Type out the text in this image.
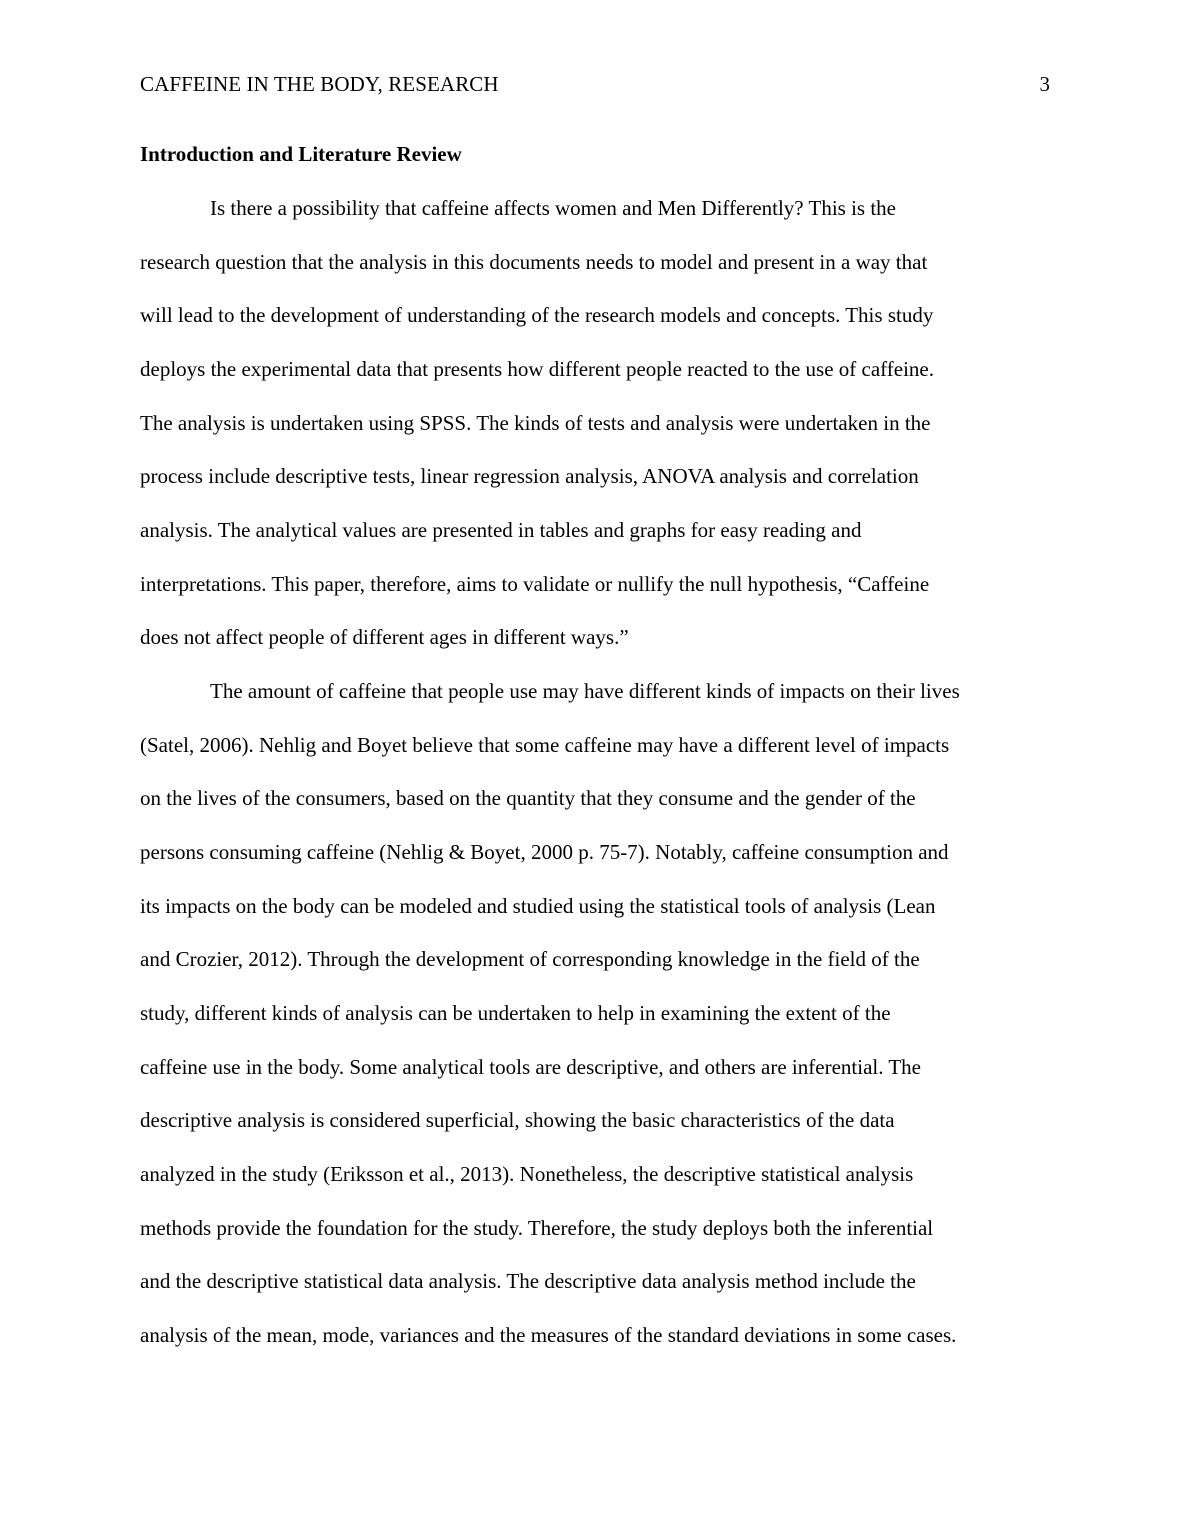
CAFFEINE IN THE BODY, RESEARCH	3
Introduction and Literature Review
Is there a possibility that caffeine affects women and Men Differently? This is the
research question that the analysis in this documents needs to model and present in a way that
will lead to the development of understanding of the research models and concepts. This study
deploys the experimental data that presents how different people reacted to the use of caffeine.
The analysis is undertaken using SPSS. The kinds of tests and analysis were undertaken in the
process include descriptive tests, linear regression analysis, ANOVA analysis and correlation
analysis. The analytical values are presented in tables and graphs for easy reading and
interpretations. This paper, therefore, aims to validate or nullify the null hypothesis, “Caffeine
does not affect people of different ages in different ways.”
The amount of caffeine that people use may have different kinds of impacts on their lives
(Satel, 2006). Nehlig and Boyet believe that some caffeine may have a different level of impacts
on the lives of the consumers, based on the quantity that they consume and the gender of the
persons consuming caffeine (Nehlig & Boyet, 2000 p. 75-7). Notably, caffeine consumption and
its impacts on the body can be modeled and studied using the statistical tools of analysis (Lean
and Crozier, 2012). Through the development of corresponding knowledge in the field of the
study, different kinds of analysis can be undertaken to help in examining the extent of the
caffeine use in the body. Some analytical tools are descriptive, and others are inferential. The
descriptive analysis is considered superficial, showing the basic characteristics of the data
analyzed in the study (Eriksson et al., 2013). Nonetheless, the descriptive statistical analysis
methods provide the foundation for the study. Therefore, the study deploys both the inferential
and the descriptive statistical data analysis. The descriptive data analysis method include the
analysis of the mean, mode, variances and the measures of the standard deviations in some cases.
